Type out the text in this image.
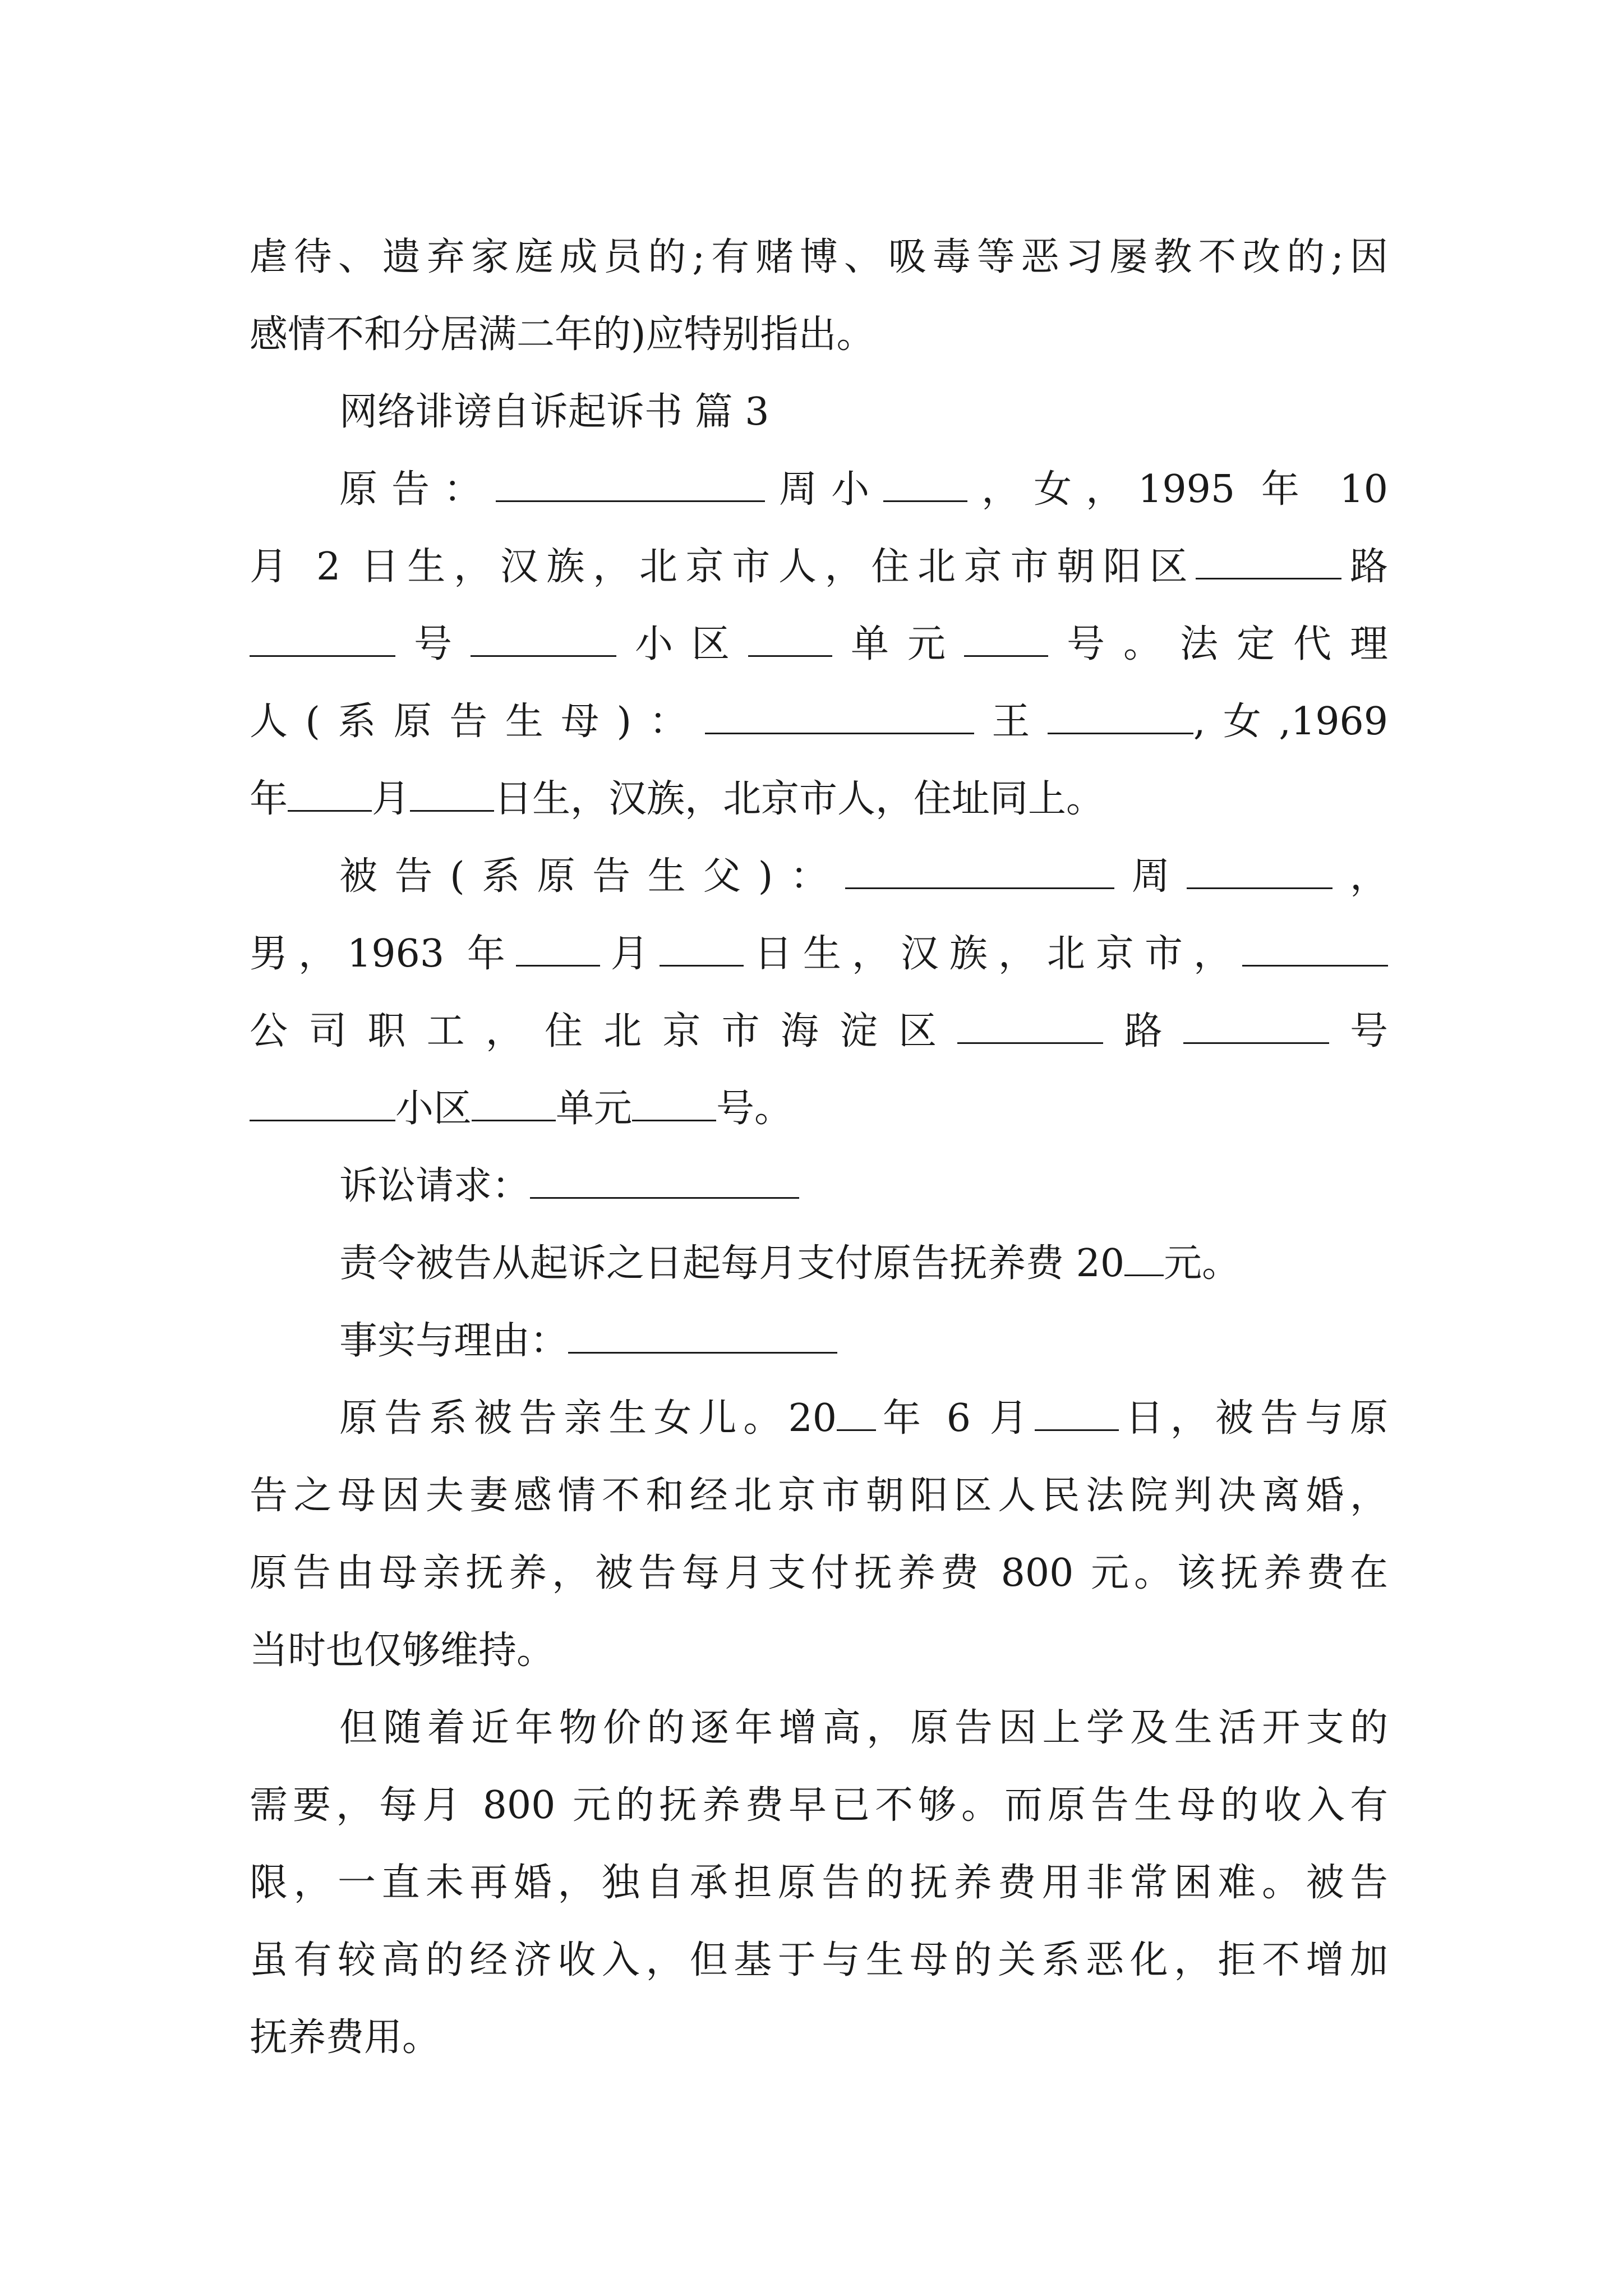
虐待、遗弃家庭成员的;有赌博、吸毒等恶习屡教不改的;因
感情不和分居满二年的)应特别指出。
网络诽谤自诉起诉书 篇 3
原告：	周小 ，女，1995 年 10
月 2 日生，汉族，北京市人，住北京市朝阳区	路
号	小区 单元 号。法定代理
人(系原告生母)：	王	,女,1969
年 月 日生，汉族，北京市人，住址同上。
被告(系原告生父)：	周	，
男，1963 年 月 日生，汉族，北京市，
公司职工，住北京市海淀区	路	号
小区 单元 号。
诉讼请求：
责令被告从起诉之日起每月支付原告抚养费 20 元。
事实与理由：
原告系被告亲生女儿。20 年 6 月 日，被告与原
告之母因夫妻感情不和经北京市朝阳区人民法院判决离婚，
原告由母亲抚养，被告每月支付抚养费 800 元。该抚养费在
当时也仅够维持。
但随着近年物价的逐年增高，原告因上学及生活开支的
需要，每月 800 元的抚养费早已不够。而原告生母的收入有
限，一直未再婚，独自承担原告的抚养费用非常困难。被告
虽有较高的经济收入，但基于与生母的关系恶化，拒不增加
抚养费用。
